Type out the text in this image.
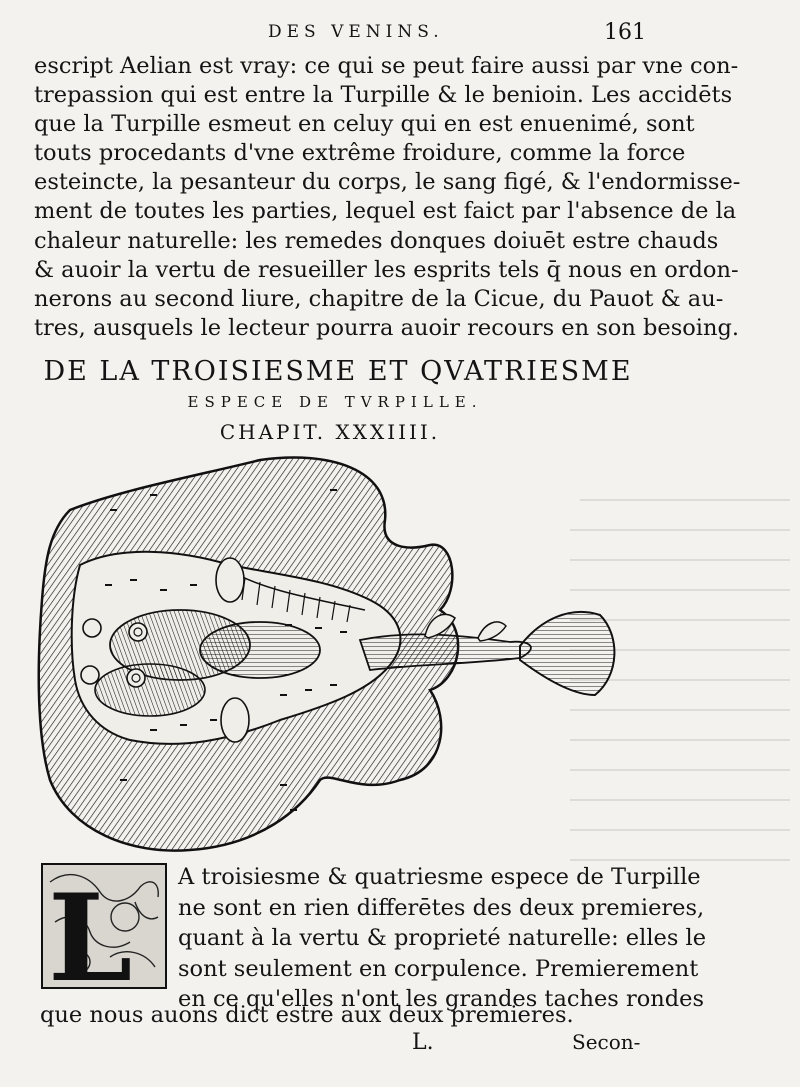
DES VENINS.	161
escript Aelian est vray: ce qui se peut faire aussi par vne con-
trepassion qui est entre la Turpille & le benioin. Les accidēts
que la Turpille esmeut en celuy qui en est enuenimé, sont
touts procedants d'vne extrême froidure, comme la force
esteincte, la pesanteur du corps, le sang figé, & l'endormisse-
ment de toutes les parties, lequel est faict par l'absence de la
chaleur naturelle: les remedes donques doiuēt estre chauds
& auoir la vertu de resueiller les esprits tels q̄ nous en ordon-
nerons au second liure, chapitre de la Cicue, du Pauot & au-
tres, ausquels le lecteur pourra auoir recours en son besoing.
DE LA TROISIESME ET QVATRIESME
ESPECE DE TVRPILLE.
CHAPIT. XXXIIII.
L A troisiesme & quatriesme espece de Turpille
ne sont en rien differētes des deux premieres,
quant à la vertu & proprieté naturelle: elles le
sont seulement en corpulence. Premierement
en ce qu'elles n'ont les grandes taches rondes
que nous auons dict estre aux deux premieres.
L.	Secon-
